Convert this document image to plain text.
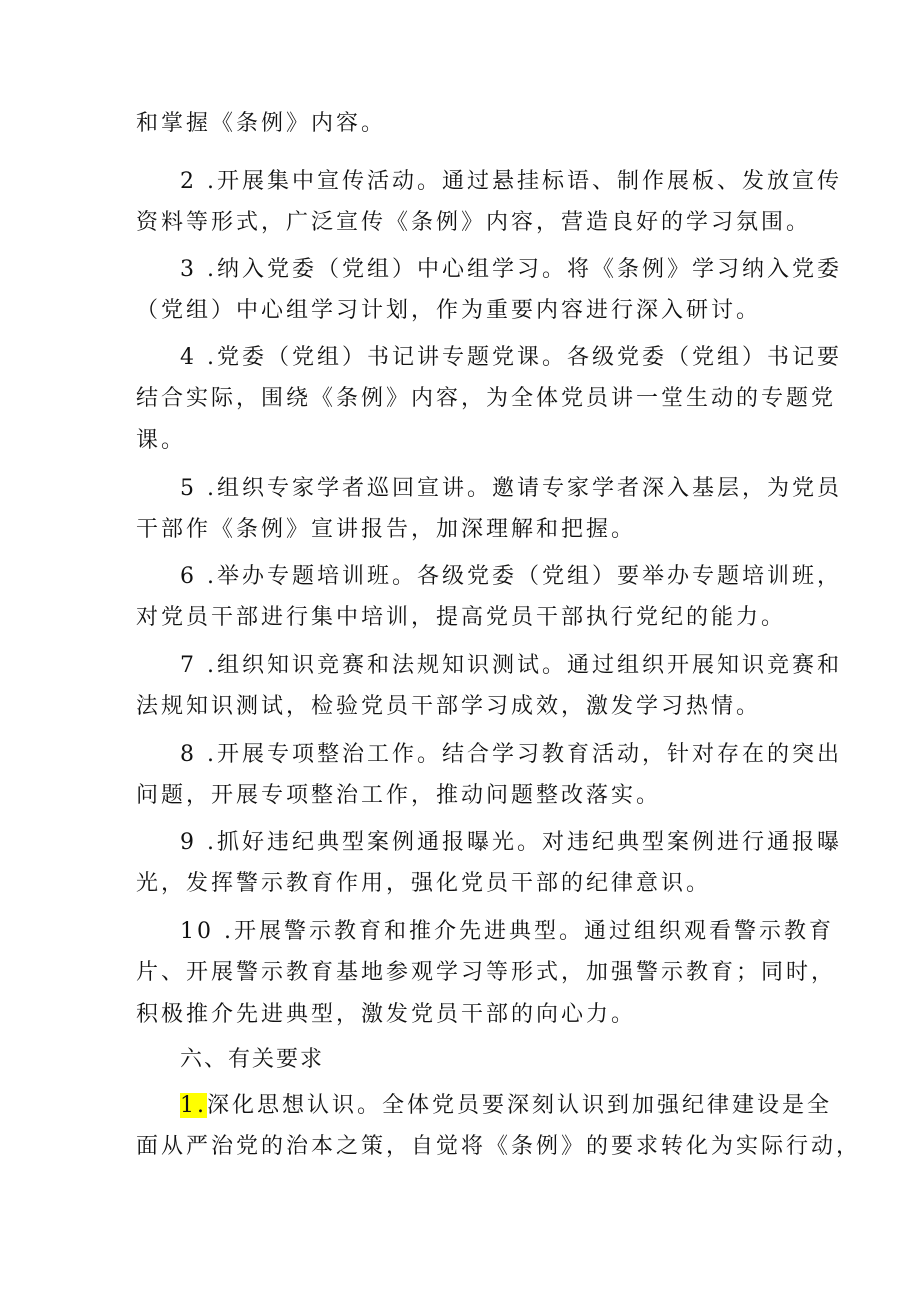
和掌握《条例》内容。
2 .开展集中宣传活动。通过悬挂标语、制作展板、发放宣传
资料等形式，广泛宣传《条例》内容，营造良好的学习氛围。
3 .纳入党委（党组）中心组学习。将《条例》学习纳入党委
（党组）中心组学习计划，作为重要内容进行深入研讨。
4 .党委（党组）书记讲专题党课。各级党委（党组）书记要
结合实际，围绕《条例》内容，为全体党员讲一堂生动的专题党
课。
5 .组织专家学者巡回宣讲。邀请专家学者深入基层，为党员
干部作《条例》宣讲报告，加深理解和把握。
6 .举办专题培训班。各级党委（党组）要举办专题培训班，
对党员干部进行集中培训，提高党员干部执行党纪的能力。
7 .组织知识竞赛和法规知识测试。通过组织开展知识竞赛和
法规知识测试，检验党员干部学习成效，激发学习热情。
8 .开展专项整治工作。结合学习教育活动，针对存在的突出
问题，开展专项整治工作，推动问题整改落实。
9 .抓好违纪典型案例通报曝光。对违纪典型案例进行通报曝
光，发挥警示教育作用，强化党员干部的纪律意识。
10 .开展警示教育和推介先进典型。通过组织观看警示教育
片、开展警示教育基地参观学习等形式，加强警示教育；同时，
积极推介先进典型，激发党员干部的向心力。
六、有关要求
1.深化思想认识。全体党员要深刻认识到加强纪律建设是全
面从严治党的治本之策，自觉将《条例》的要求转化为实际行动，
